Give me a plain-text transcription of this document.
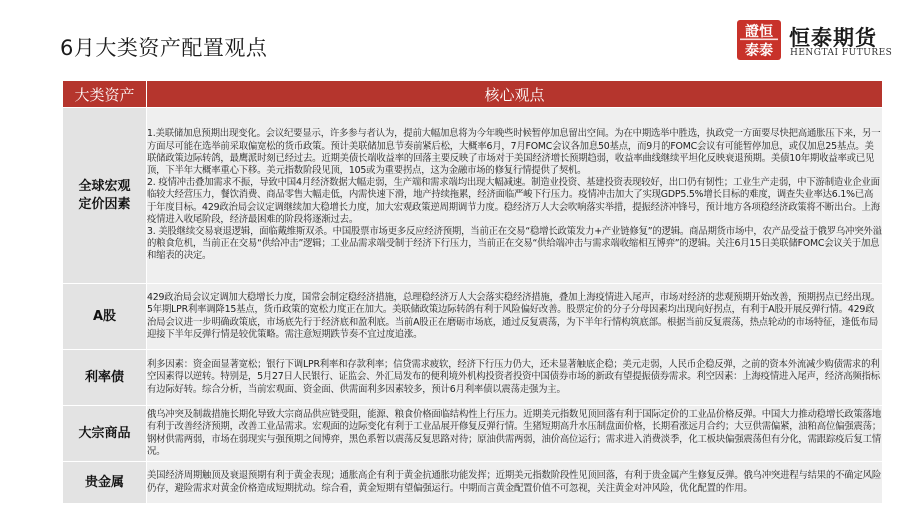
6月大类资产配置观点
證恒
泰泰
恒泰期货
HENGTAI FUTURES
大类资产	核心观点
全球宏观
定价因素	1.美联储加息预期出现变化。会议纪要显示，许多参与者认为，提前大幅加息将为今年晚些时候暂停加息留出空间。为在中期选举中胜选，执政党一方面要尽快把高通胀压下来，另一方面尽可能在选举前采取偏宽松的货币政策。预计美联储加息节奏前紧后松，大概率6月，7月FOMC会议各加息50基点，而9月的FOMC会议有可能暂停加息，或仅加息25基点。美联储政策边际转鸽，最鹰派时刻已经过去。近期美债长端收益率的回落主要反映了市场对于美国经济增长预期趋弱，收益率曲线继续平坦化反映衰退预期。美债10年期收益率或已见顶，下半年大概率重心下移。美元指数阶段见顶，105或为重要拐点，这为金融市场的修复行情提供了契机。
2. 疫情冲击叠加需求不振，导致中国4月经济数据大幅走弱，生产端和需求端均出现大幅减速。制造业投资、基建投资表现较好，出口仍有韧性；工业生产走弱，中下游制造业企业面临较大经营压力，餐饮消费、商品零售大幅走低，内需快速下滑，地产持续拖累，经济面临严峻下行压力。疫情冲击加大了实现GDP5.5%增长目标的难度，调查失业率达6.1%已高于年度目标。429政治局会议定调继续加大稳增长力度，加大宏观政策逆周期调节力度。稳经济万人大会吹响落实举措，提振经济冲锋号，预计地方各项稳经济政策将不断出台。上海疫情进入收尾阶段，经济最困难的阶段将逐渐过去。
3. 美股继续交易衰退逻辑，面临戴维斯双杀。中国股票市场更多反应经济预期，当前正在交易“稳增长政策发力+产业链修复”的逻辑。商品期货市场中，农产品受益于俄罗乌冲突外溢的粮食危机，当前正在交易“供给冲击”逻辑；工业品需求端受制于经济下行压力，当前正在交易“供给端冲击与需求端收缩相互博弈”的逻辑。关注6月15日美联储FOMC会议关于加息和缩表的决定。

A股	429政治局会议定调加大稳增长力度，国常会制定稳经济措施，总理稳经济万人大会落实稳经济措施，叠加上海疫情进入尾声，市场对经济的悲观预期开始改善，预期拐点已经出现。5年期LPR利率调降15基点，货币政策的宽松力度正在加大。美联储政策边际转鸽有利于风险偏好改善。股票定价的分子分母因素均出现向好拐点，有利于A股开展反弹行情。429政治局会议进一步明确政策底，市场底先行于经济底和盈利底。当前A股正在磨砺市场底，通过反复震荡，为下半年行情构筑底部。根据当前反复震荡，热点轮动的市场特征，逢低布局迎接下半年反弹行情是较优策略。需注意短期跌节奏不宜过度追涨。

利率债	利多因素：资金面显著宽松；银行下调LPR利率和存款利率；信贷需求疲软，经济下行压力仍大，还未显著触底企稳；美元走弱，人民币企稳反弹，之前的资本外流减少购债需求的利空因素得以逆转。特别是，5月27日人民银行、证监会、外汇局发布的便利境外机构投资者投资中国债券市场的新政有望提振债券需求。利空因素：上海疫情进入尾声，经济高频指标有边际好转。综合分析，当前宏观面、资金面、供需面利多因素较多，预计6月利率债以震荡走强为主。

大宗商品	俄乌冲突及制裁措施长期化导致大宗商品供应链受阻，能源、粮食价格面临结构性上行压力。近期美元指数见顶回落有利于国际定价的工业品价格反弹。中国大力推动稳增长政策落地有利于改善经济预期，改善工业品需求。宏观面的边际变化有利于工业品展开修复反弹行情。生猪短期高升水压制盘面价格，长期看涨远月合约；大豆供需偏紧，油粕高位偏强震荡；钢材供需两弱，市场在弱现实与强预期之间博弈，黑色系暂以震荡反复思路对待；原油供需两弱，油价高位运行；需求进入消费淡季，化工板块偏强震荡但有分化，需跟踪疫后复工情况。

贵金属	美国经济周期触顶及衰退预期有利于黄金表现；通胀高企有利于黄金抗通胀功能发挥；近期美元指数阶段性见顶回落，有利于贵金属产生修复反弹。俄乌冲突进程与结果的不确定风险仍存，避险需求对黄金价格造成短期扰动。综合看，黄金短期有望偏强运行。中期而言黄金配置价值不可忽视，关注黄金对冲风险，优化配置的作用。
